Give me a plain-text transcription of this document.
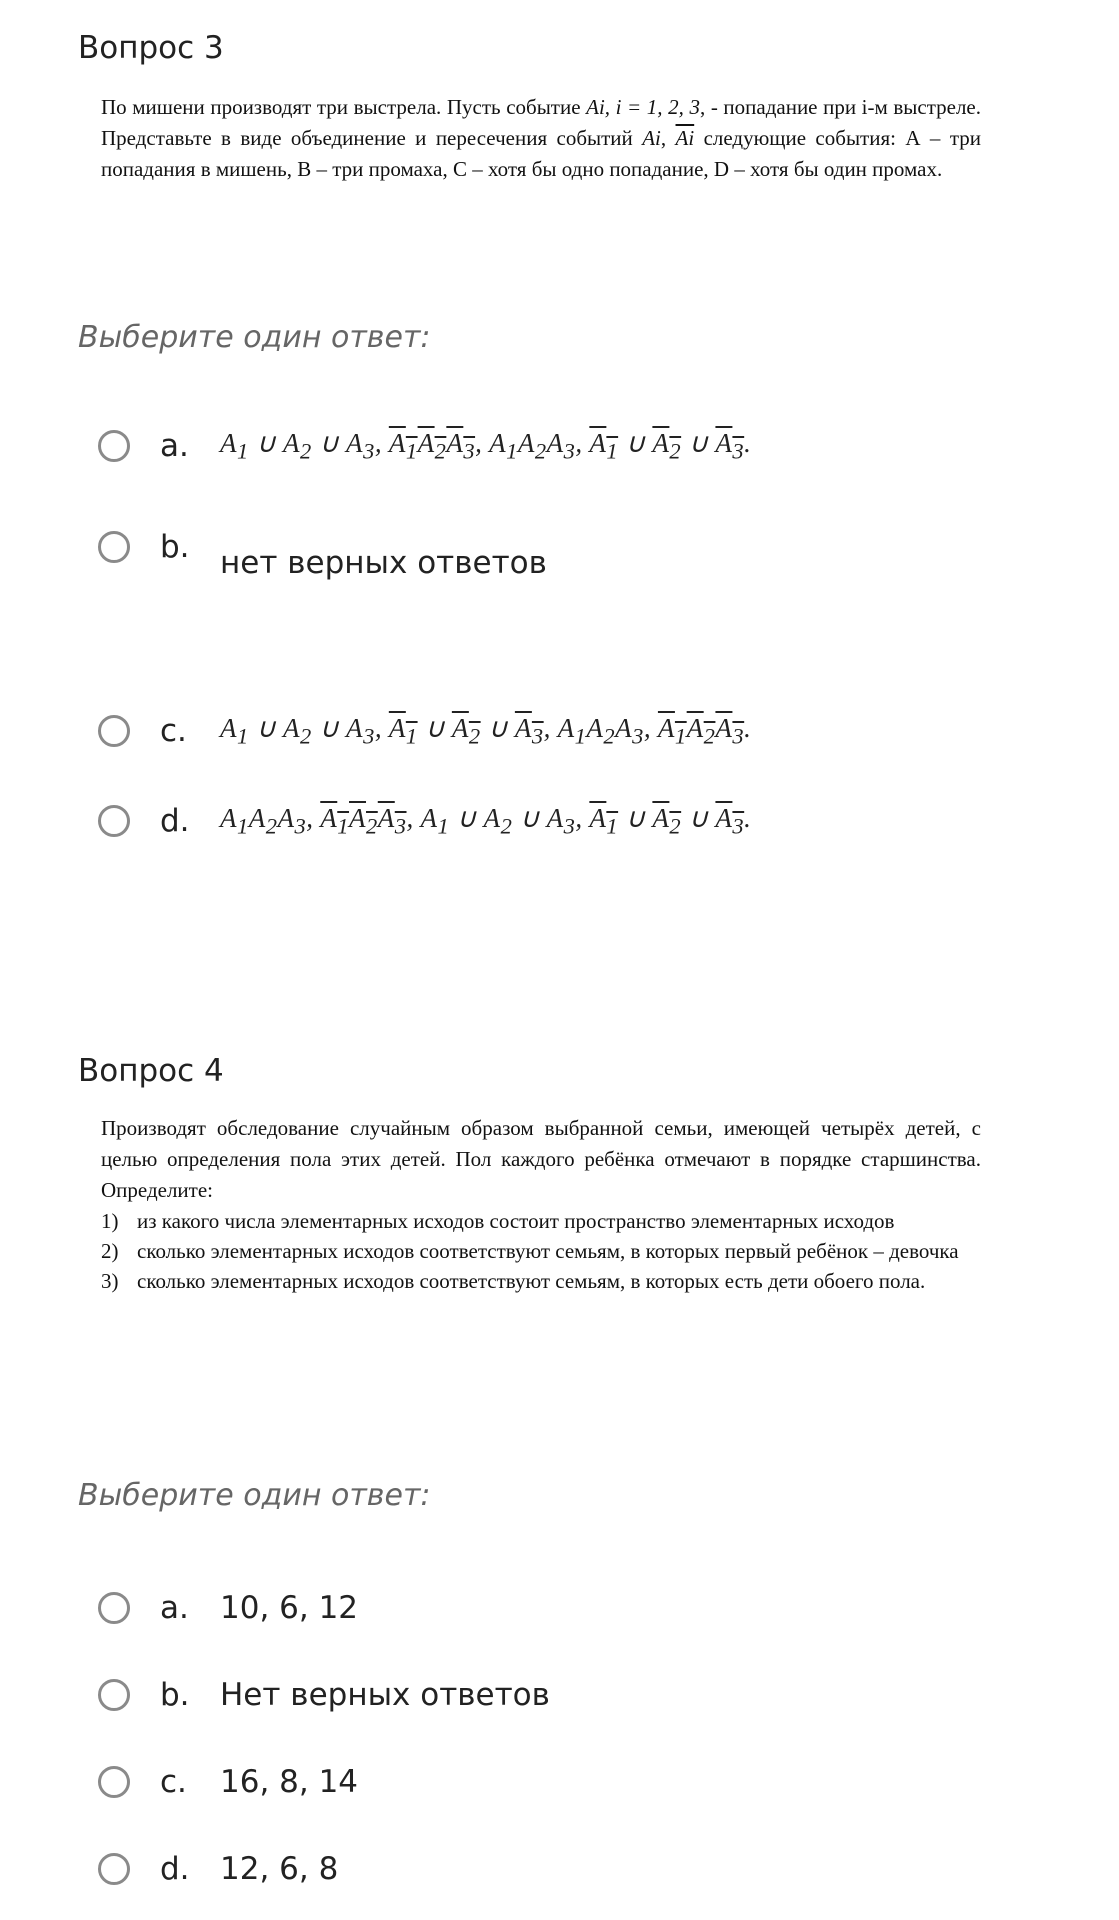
Вопрос 3

По мишени производят три выстрела. Пусть событие Ai, i = 1, 2, 3, - попадание при i-м выстреле. Представьте в виде объединение и пересечения событий Ai, $\overline{Ai}$ следующие события: А – три попадания в мишень, В – три промаха, С – хотя бы одно попадание, D – хотя бы один промах.

Выберите один ответ:

a.	$A_1$ ∪ $A_2$ ∪ $A_3$, $A_1A_2A_3$, $A_1A_2A_3$, $A_1$ ∪ $A_2$ ∪ $A_3$.
b. нет верных ответов
c.	$A_1$ ∪ $A_2$ ∪ $A_3$, $A_1$ ∪ $A_2$ ∪ $A_3$, $A_1A_2A_3$, $A_1A_2A_3$.
d.	$A_1A_2A_3$, $A_1A_2A_3$, $A_1$ ∪ $A_2$ ∪ $A_3$, $A_1$ ∪ $A_2$ ∪ $A_3$.
Вопрос 4

Производят обследование случайным образом выбранной семьи, имеющей четырёх детей, с целью определения пола этих детей. Пол каждого ребёнка отмечают в порядке старшинства. Определите:

1) из какого числа элементарных исходов состоит пространство элементарных исходов
2) сколько элементарных исходов соответствуют семьям, в которых первый ребёнок – девочка
3) сколько элементарных исходов соответствуют семьям, в которых есть дети обоего пола.

Выберите один ответ:

a.	10, 6, 12
b. Нет верных ответов
c.	16, 8, 14
d. 12, 6, 8
